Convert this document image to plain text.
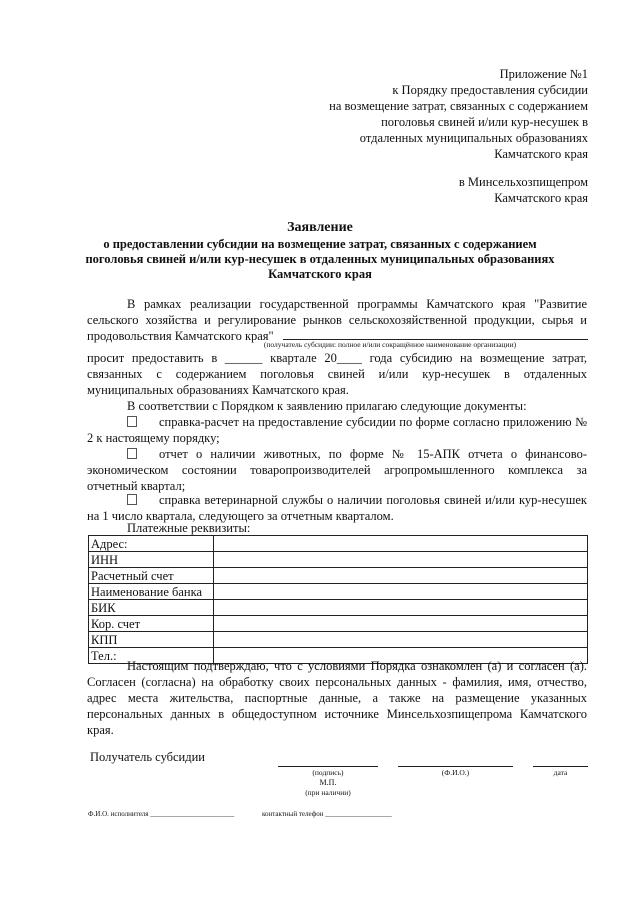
Приложение №1
к Порядку предоставления субсидии
на возмещение затрат, связанных с содержанием
поголовья свиней и/или кур-несушек в
отдаленных муниципальных образованиях
Камчатского края
в Минсельхозпищепром
Камчатского края
Заявление
о предоставлении субсидии на возмещение затрат, связанных с содержанием
поголовья свиней и/или кур-несушек в отдаленных муниципальных образованиях
Камчатского края
В рамках реализации государственной программы Камчатского края "Развитие сельского хозяйства и регулирование рынков сельскохозяйственной продукции, сырья и продовольствия Камчатского края"
(получатель субсидии: полное и/или сокращённое наименование организации)
просит предоставить в ______ квартале 20____ года субсидию на возмещение затрат, связанных с содержанием поголовья свиней и/или кур-несушек в отдаленных муниципальных образованиях Камчатского края.
В соответствии с Порядком к заявлению прилагаю следующие документы:
справка-расчет на предоставление субсидии по форме согласно приложению № 2 к настоящему порядку;
отчет о наличии животных, по форме № 15-АПК отчета о финансово-экономическом состоянии товаропроизводителей агропромышленного комплекса за отчетный квартал;
справка ветеринарной службы о наличии поголовья свиней и/или кур-несушек на 1 число квартала, следующего за отчетным кварталом.
Платежные реквизиты:
Адрес:	
ИНН	
Расчетный счет	
Наименование банка	
БИК	
Кор. счет	
КПП	
Тел.:	
Настоящим подтверждаю, что с условиями Порядка ознакомлен (а) и согласен (а). Согласен (согласна) на обработку своих персональных данных - фамилия, имя, отчество, адрес места жительства, паспортные данные, а также на размещение указанных персональных данных в общедоступном источнике Минсельхозпищепрома Камчатского края.
Получатель субсидии
(подпись)	(Ф.И.О.)	дата
М.П.
(при наличии)
Ф.И.О. исполнителя ________________________	контактный телефон ___________________
